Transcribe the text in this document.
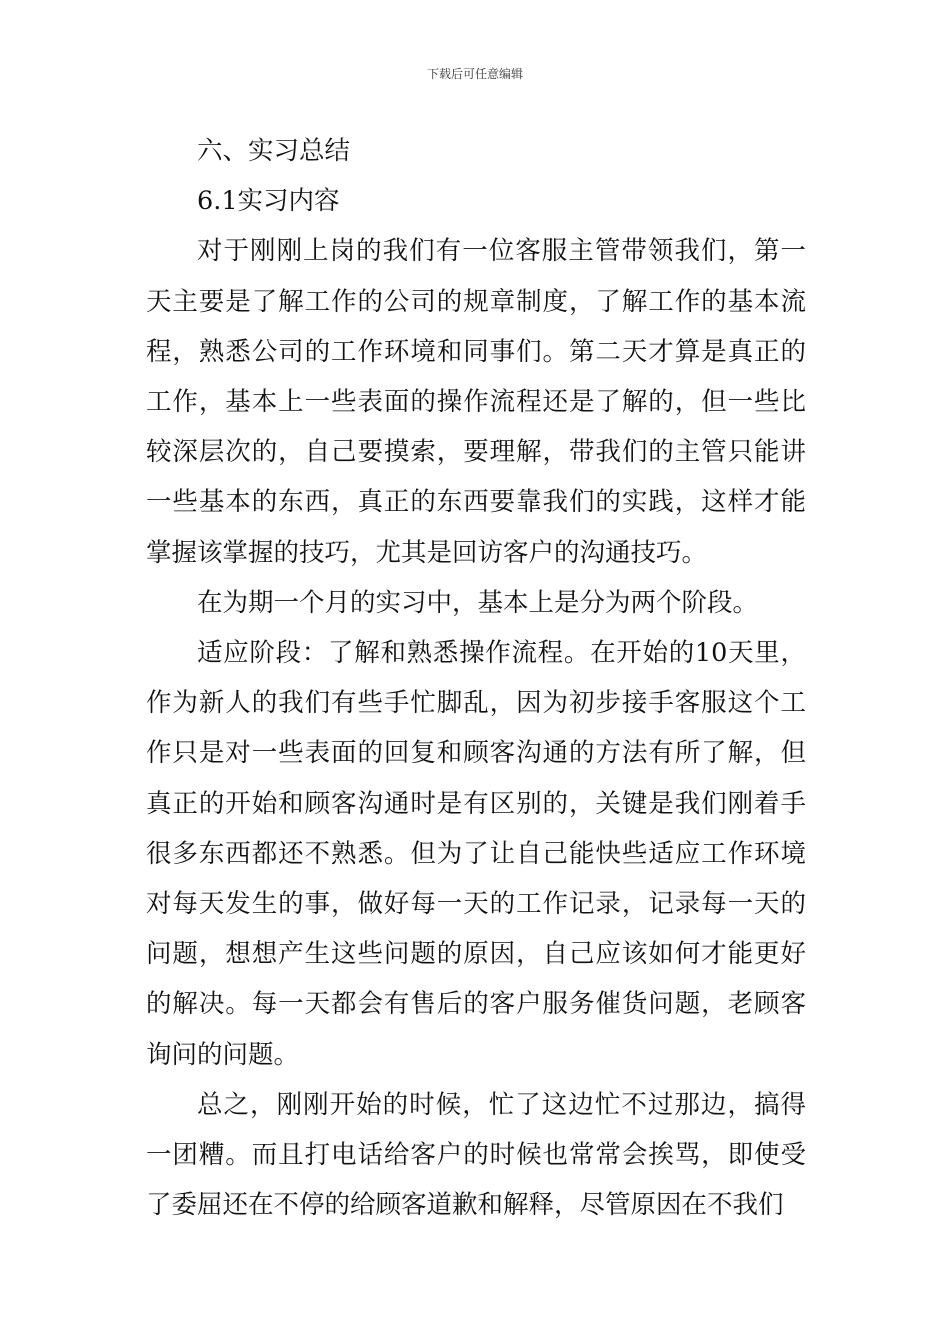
下载后可任意编辑
六、实习总结
6.1实习内容

对于刚刚上岗的我们有一位客服主管带领我们，第一天主要是了解工作的公司的规章制度，了解工作的基本流程，熟悉公司的工作环境和同事们。第二天才算是真正的工作，基本上一些表面的操作流程还是了解的，但一些比较深层次的，自己要摸索，要理解，带我们的主管只能讲一些基本的东西，真正的东西要靠我们的实践，这样才能掌握该掌握的技巧，尤其是回访客户的沟通技巧。

在为期一个月的实习中，基本上是分为两个阶段。

适应阶段：了解和熟悉操作流程。在开始的10天里，作为新人的我们有些手忙脚乱，因为初步接手客服这个工作只是对一些表面的回复和顾客沟通的方法有所了解，但真正的开始和顾客沟通时是有区别的，关键是我们刚着手很多东西都还不熟悉。但为了让自己能快些适应工作环境对每天发生的事，做好每一天的工作记录，记录每一天的问题，想想产生这些问题的原因，自己应该如何才能更好的解决。每一天都会有售后的客户服务催货问题，老顾客询问的问题。

总之，刚刚开始的时候，忙了这边忙不过那边，搞得一团糟。而且打电话给客户的时候也常常会挨骂，即使受了委屈还在不停的给顾客道歉和解释，尽管原因在不我们
